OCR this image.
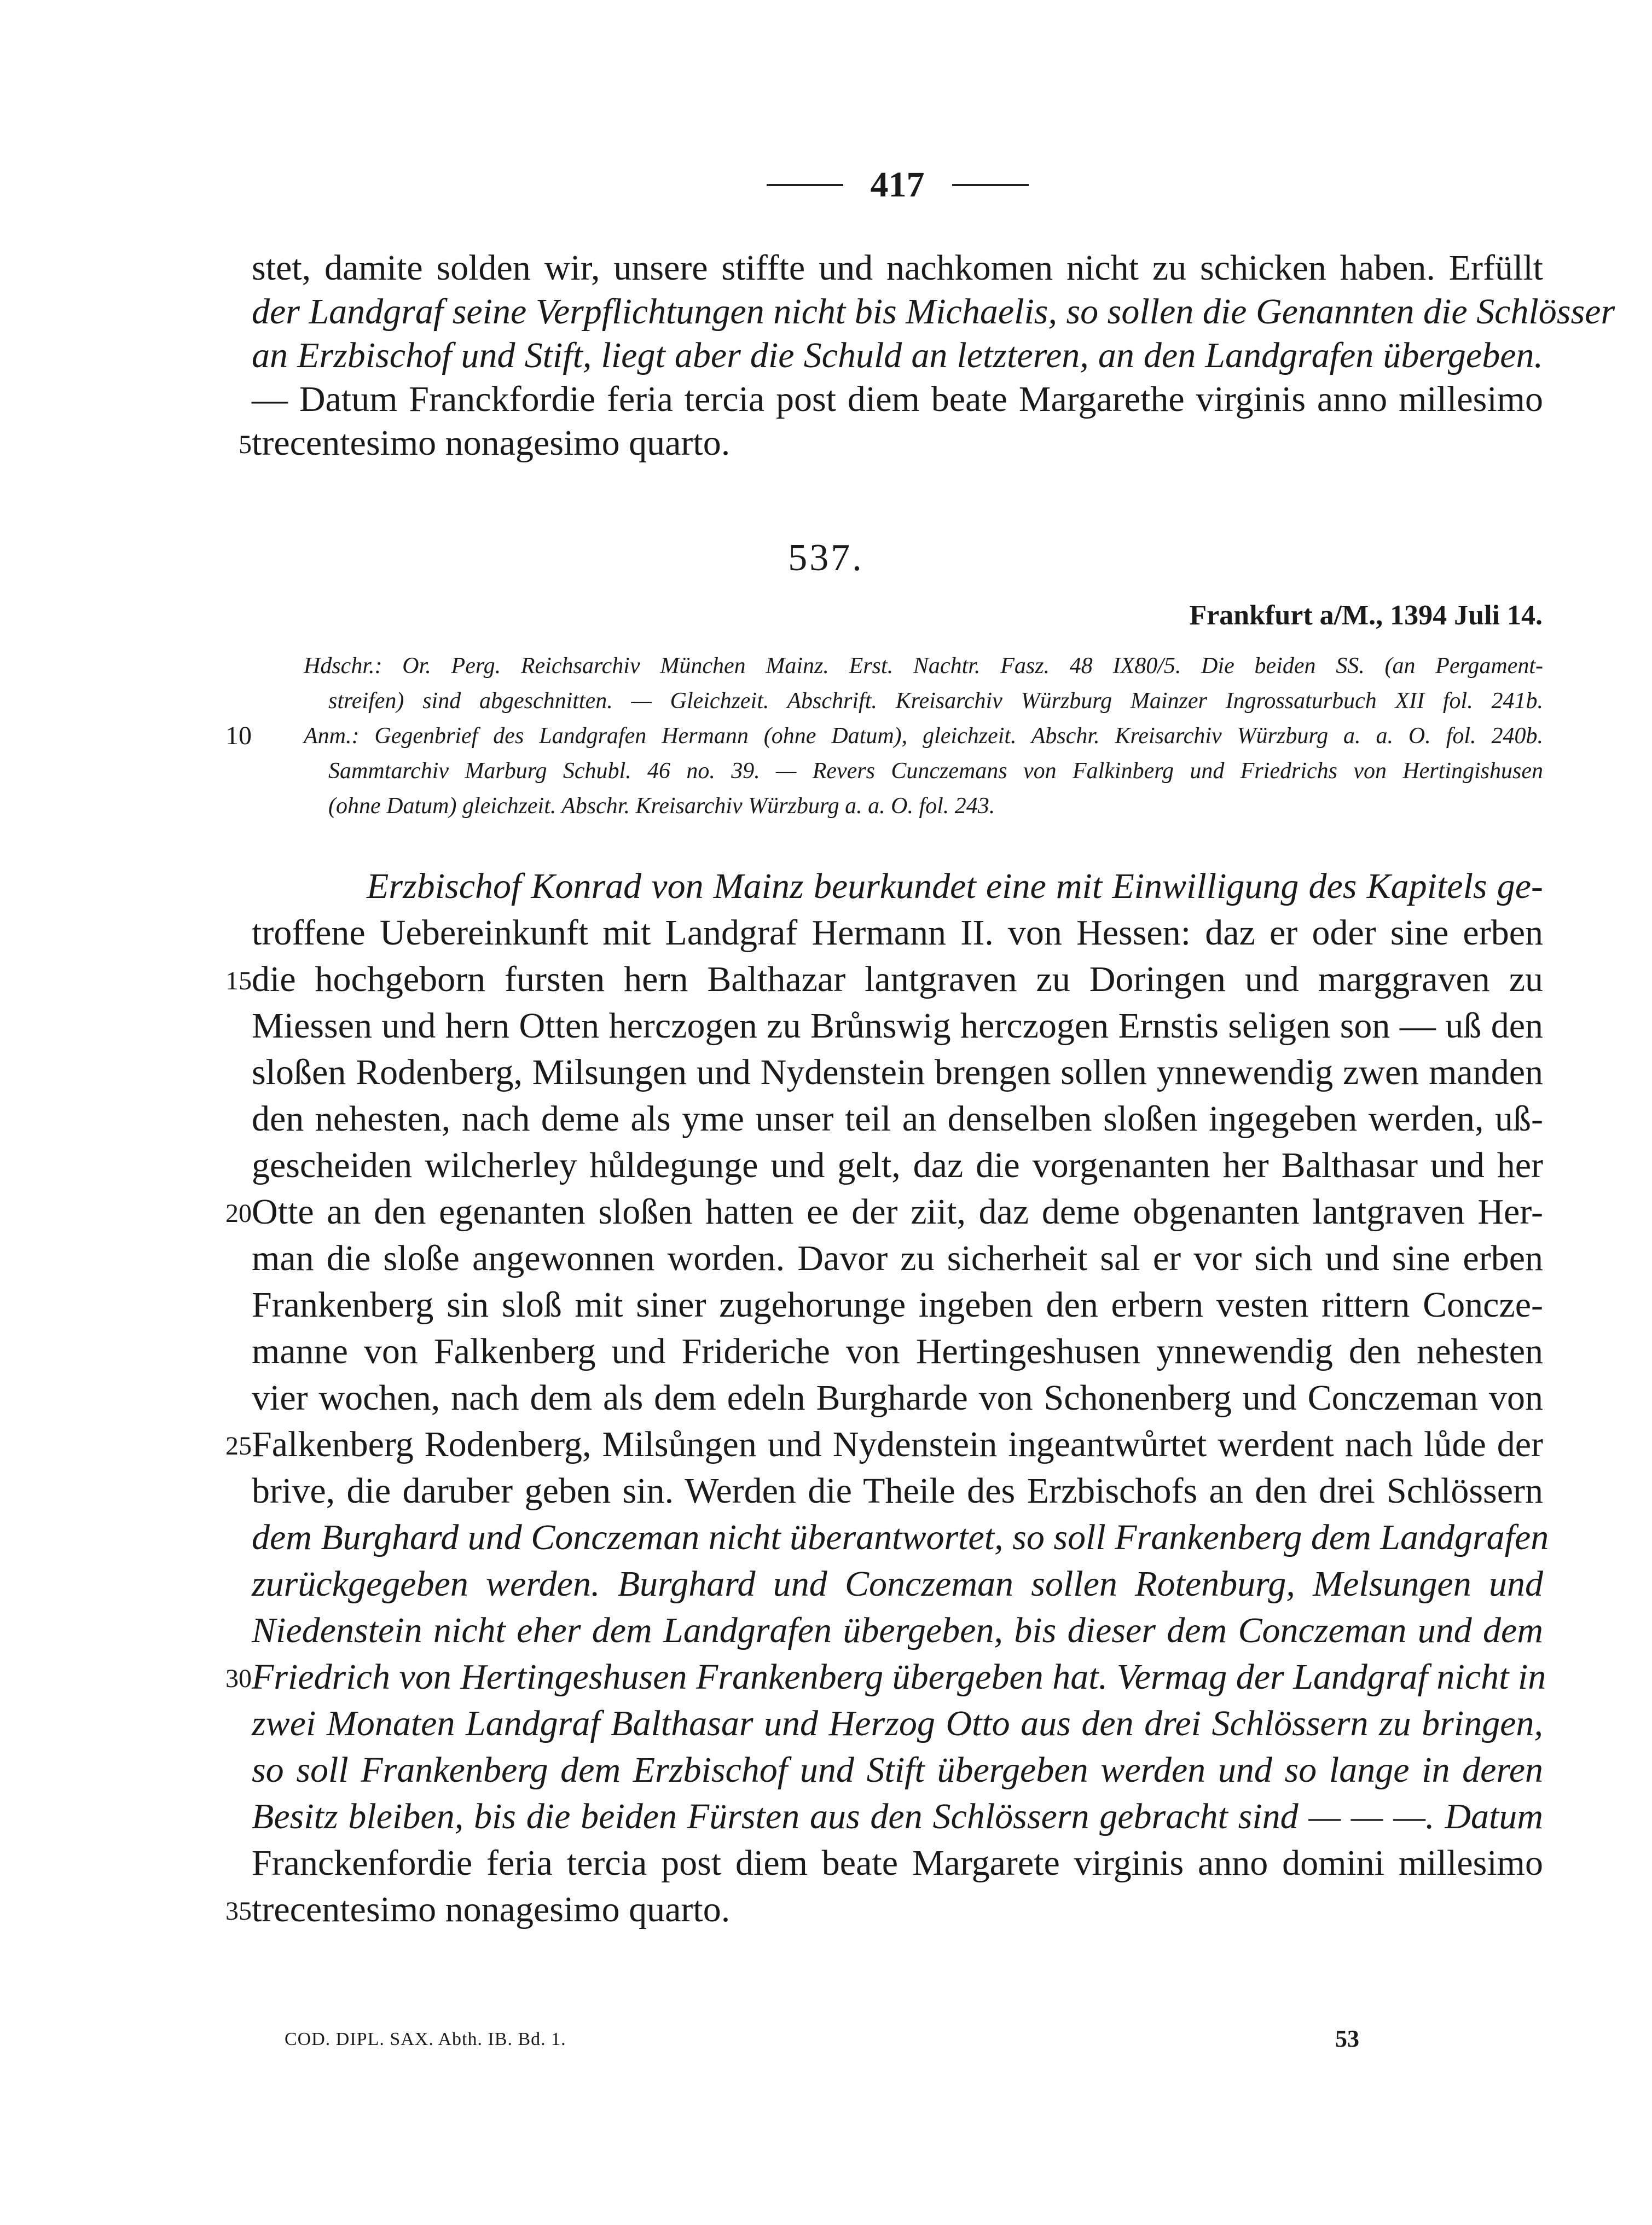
417
stet, damite solden wir, unsere stiffte und nachkomen nicht zu schicken haben. Erfüllt
der Landgraf seine Verpflichtungen nicht bis Michaelis, so sollen die Genannten die Schlösser
an Erzbischof und Stift, liegt aber die Schuld an letzteren, an den Landgrafen übergeben.
— Datum Franckfordie feria tercia post diem beate Margarethe virginis anno millesimo
5 trecentesimo nonagesimo quarto.
537.
Frankfurt a/M., 1394 Juli 14.
Hdschr.: Or. Perg. Reichsarchiv München Mainz. Erst. Nachtr. Fasz. 48 IX80/5. Die beiden SS. (an Pergament-
streifen) sind abgeschnitten. — Gleichzeit. Abschrift. Kreisarchiv Würzburg Mainzer Ingrossaturbuch XII fol. 241b.
10 Anm.: Gegenbrief des Landgrafen Hermann (ohne Datum), gleichzeit. Abschr. Kreisarchiv Würzburg a. a. O. fol. 240b.
Sammtarchiv Marburg Schubl. 46 no. 39. — Revers Cunczemans von Falkinberg und Friedrichs von Hertingishusen
(ohne Datum) gleichzeit. Abschr. Kreisarchiv Würzburg a. a. O. fol. 243.
Erzbischof Konrad von Mainz beurkundet eine mit Einwilligung des Kapitels ge-
troffene Uebereinkunft mit Landgraf Hermann II. von Hessen: daz er oder sine erben
15 die hochgeborn fursten hern Balthazar lantgraven zu Doringen und marggraven zu
Miessen und hern Otten herczogen zu Brůnswig herczogen Ernstis seligen son — uß den
sloßen Rodenberg, Milsungen und Nydenstein brengen sollen ynnewendig zwen manden
den nehesten, nach deme als yme unser teil an denselben sloßen ingegeben werden, uß-
gescheiden wilcherley hůldegunge und gelt, daz die vorgenanten her Balthasar und her
20 Otte an den egenanten sloßen hatten ee der ziit, daz deme obgenanten lantgraven Her-
man die sloße angewonnen worden. Davor zu sicherheit sal er vor sich und sine erben
Frankenberg sin sloß mit siner zugehorunge ingeben den erbern vesten rittern Concze-
manne von Falkenberg und Frideriche von Hertingeshusen ynnewendig den nehesten
vier wochen, nach dem als dem edeln Burgharde von Schonenberg und Conczeman von
25 Falkenberg Rodenberg, Milsůngen und Nydenstein ingeantwůrtet werdent nach lůde der
brive, die daruber geben sin. Werden die Theile des Erzbischofs an den drei Schlössern
dem Burghard und Conczeman nicht überantwortet, so soll Frankenberg dem Landgrafen
zurückgegeben werden. Burghard und Conczeman sollen Rotenburg, Melsungen und
Niedenstein nicht eher dem Landgrafen übergeben, bis dieser dem Conczeman und dem
30 Friedrich von Hertingeshusen Frankenberg übergeben hat. Vermag der Landgraf nicht in
zwei Monaten Landgraf Balthasar und Herzog Otto aus den drei Schlössern zu bringen,
so soll Frankenberg dem Erzbischof und Stift übergeben werden und so lange in deren
Besitz bleiben, bis die beiden Fürsten aus den Schlössern gebracht sind — — —. Datum
Franckenfordie feria tercia post diem beate Margarete virginis anno domini millesimo
35 trecentesimo nonagesimo quarto.
COD. DIPL. SAX. Abth. IB. Bd. 1.	53
